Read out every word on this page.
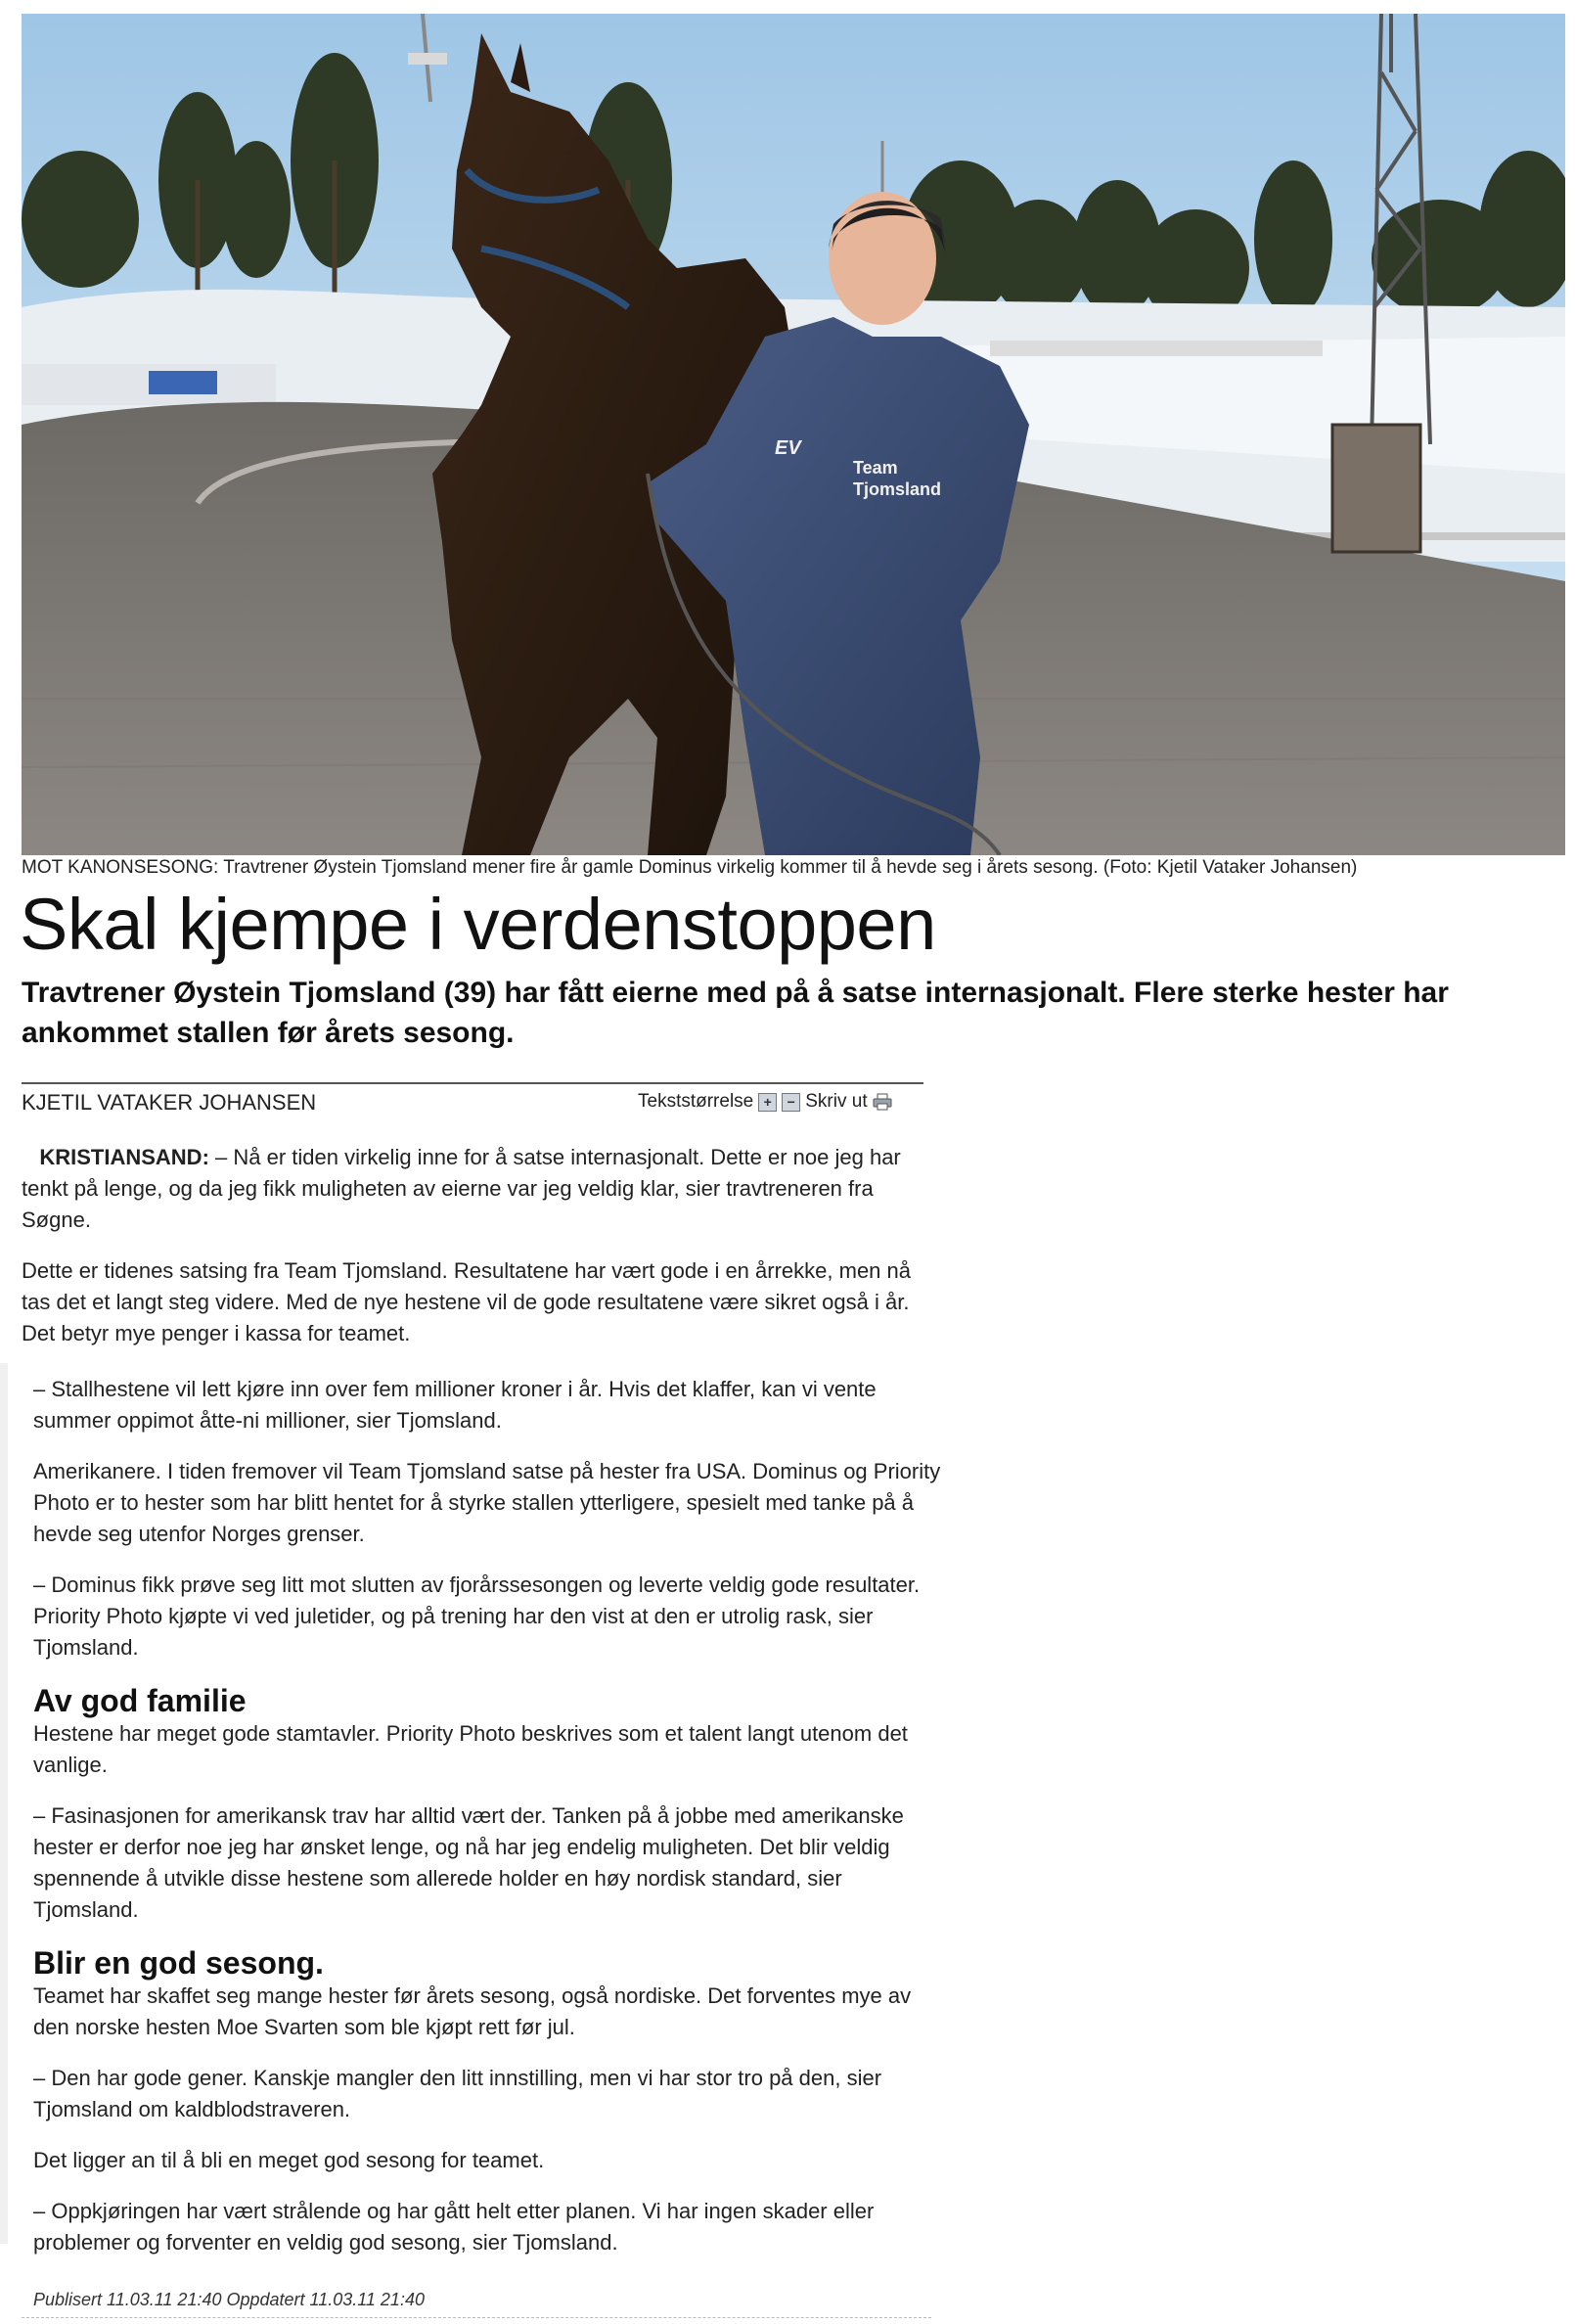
Team
Tjomsland
EV
MOT KANONSESONG: Travtrener Øystein Tjomsland mener fire år gamle Dominus virkelig kommer til å hevde seg i årets sesong. (Foto: Kjetil Vataker Johansen)
Skal kjempe i verdenstoppen

Travtrener Øystein Tjomsland (39) har fått eierne med på å satse internasjonalt. Flere sterke hester har ankommet stallen før årets sesong.

KJETIL VATAKER JOHANSEN	Tekststørrelse +	− Skriv ut

KRISTIANSAND: – Nå er tiden virkelig inne for å satse internasjonalt. Dette er noe jeg har tenkt på lenge, og da jeg fikk muligheten av eierne var jeg veldig klar, sier travtreneren fra Søgne.

Dette er tidenes satsing fra Team Tjomsland. Resultatene har vært gode i en årrekke, men nå tas det et langt steg videre. Med de nye hestene vil de gode resultatene være sikret også i år. Det betyr mye penger i kassa for teamet.

– Stallhestene vil lett kjøre inn over fem millioner kroner i år. Hvis det klaffer, kan vi vente summer oppimot åtte-ni millioner, sier Tjomsland.

Amerikanere. I tiden fremover vil Team Tjomsland satse på hester fra USA. Dominus og Priority Photo er to hester som har blitt hentet for å styrke stallen ytterligere, spesielt med tanke på å hevde seg utenfor Norges grenser.

– Dominus fikk prøve seg litt mot slutten av fjorårssesongen og leverte veldig gode resultater. Priority Photo kjøpte vi ved juletider, og på trening har den vist at den er utrolig rask, sier Tjomsland.

Av god familie

Hestene har meget gode stamtavler. Priority Photo beskrives som et talent langt utenom det vanlige.

– Fasinasjonen for amerikansk trav har alltid vært der. Tanken på å jobbe med amerikanske hester er derfor noe jeg har ønsket lenge, og nå har jeg endelig muligheten. Det blir veldig spennende å utvikle disse hestene som allerede holder en høy nordisk standard, sier Tjomsland.

Blir en god sesong.

Teamet har skaffet seg mange hester før årets sesong, også nordiske. Det forventes mye av den norske hesten Moe Svarten som ble kjøpt rett før jul.

– Den har gode gener. Kanskje mangler den litt innstilling, men vi har stor tro på den, sier Tjomsland om kaldblodstraveren.

Det ligger an til å bli en meget god sesong for teamet.

– Oppkjøringen har vært strålende og har gått helt etter planen. Vi har ingen skader eller problemer og forventer en veldig god sesong, sier Tjomsland.

Publisert 11.03.11 21:40 Oppdatert 11.03.11 21:40
